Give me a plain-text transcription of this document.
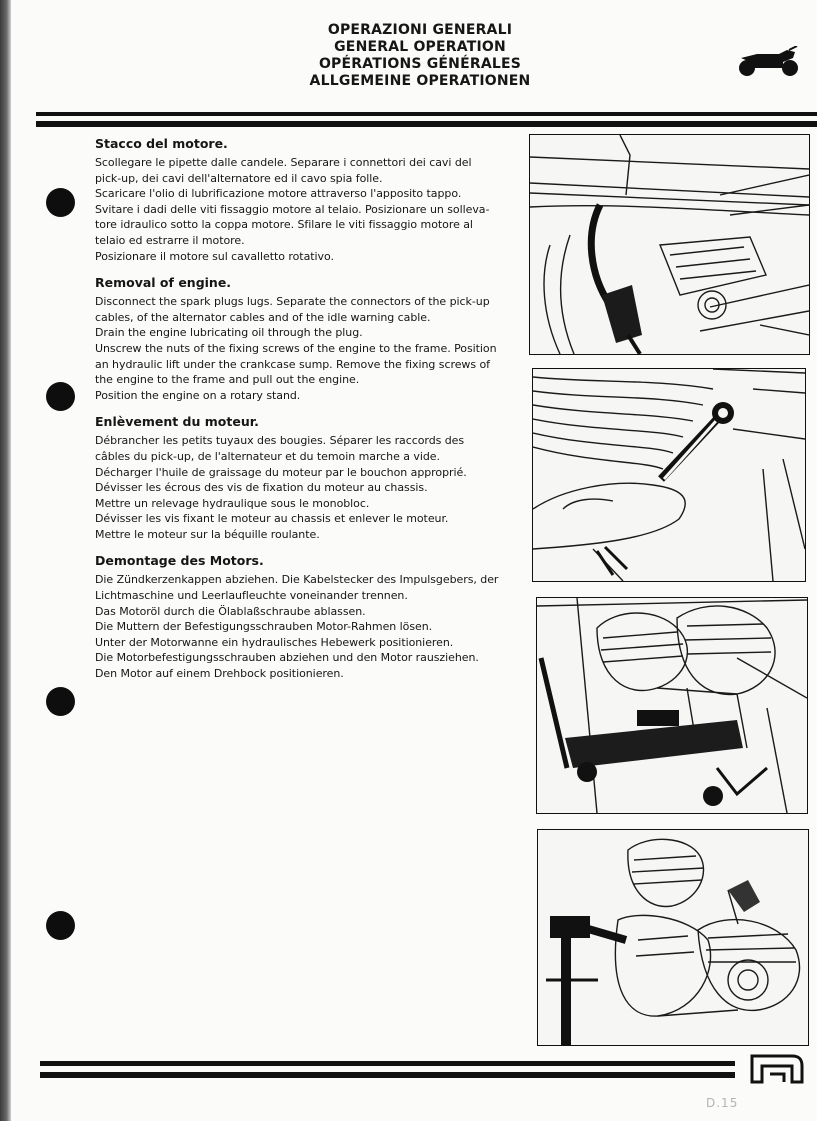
OPERAZIONI GENERALI
GENERAL OPERATION
OPÉRATIONS GÉNÉRALES
ALLGEMEINE OPERATIONEN
Stacco del motore.
Scollegare le pipette dalle candele. Separare i connettori dei cavi del
pick-up, dei cavi dell'alternatore ed il cavo spia folle.
Scaricare l'olio di lubrificazione motore attraverso l'apposito tappo.
Svitare i dadi delle viti fissaggio motore al telaio. Posizionare un solleva-
tore idraulico sotto la coppa motore. Sfilare le viti fissaggio motore al
telaio ed estrarre il motore.
Posizionare il motore sul cavalletto rotativo.
Removal of engine.
Disconnect the spark plugs lugs. Separate the connectors of the pick-up
cables, of the alternator cables and of the idle warning cable.
Drain the engine lubricating oil through the plug.
Unscrew the nuts of the fixing screws of the engine to the frame. Position
an hydraulic lift under the crankcase sump. Remove the fixing screws of
the engine to the frame and pull out the engine.
Position the engine on a rotary stand.
Enlèvement du moteur.
Débrancher les petits tuyaux des bougies. Séparer les raccords des
câbles du pick-up, de l'alternateur et du temoin marche a vide.
Décharger l'huile de graissage du moteur par le bouchon approprié.
Dévisser les écrous des vis de fixation du moteur au chassis.
Mettre un relevage hydraulique sous le monobloc.
Dévisser les vis fixant le moteur au chassis et enlever le moteur.
Mettre le moteur sur la béquille roulante.
Demontage des Motors.
Die Zündkerzenkappen abziehen. Die Kabelstecker des Impulsgebers, der
Lichtmaschine und Leerlaufleuchte voneinander trennen.
Das Motoröl durch die Ölablaßschraube ablassen.
Die Muttern der Befestigungsschrauben Motor-Rahmen lösen.
Unter der Motorwanne ein hydraulisches Hebewerk positionieren.
Die Motorbefestigungsschrauben abziehen und den Motor rausziehen.
Den Motor auf einem Drehbock positionieren.
D.15
